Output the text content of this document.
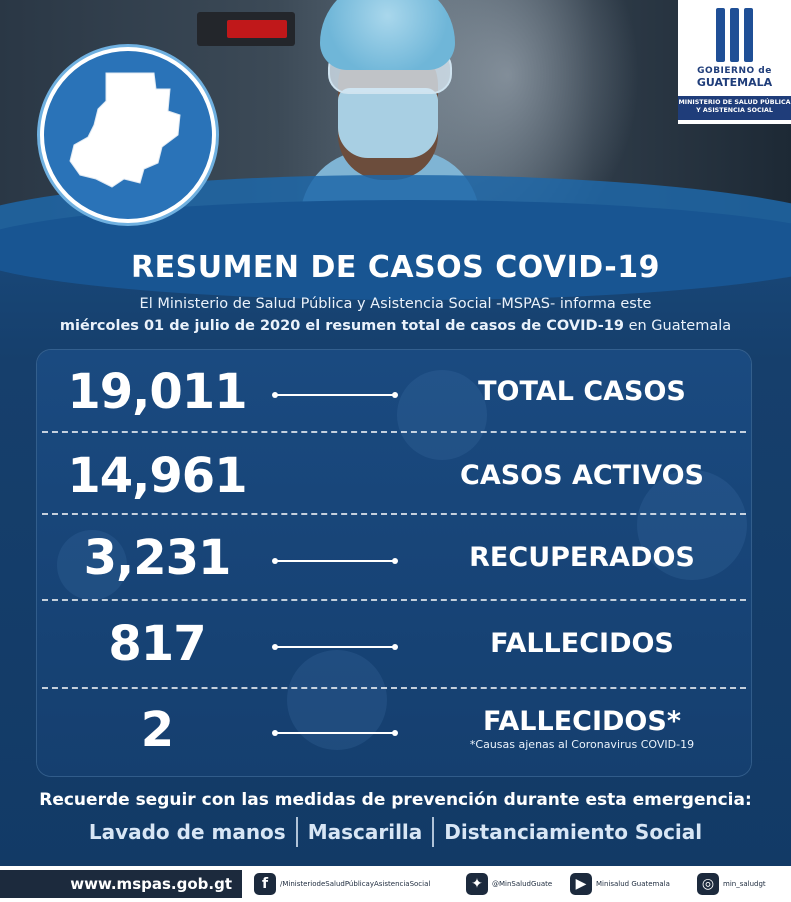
GOBIERNO de
GUATEMALA
MINISTERIO DE SALUD PÚBLICA Y ASISTENCIA SOCIAL
RESUMEN DE CASOS COVID-19
El Ministerio de Salud Pública y Asistencia Social -MSPAS- informa este
miércoles 01 de julio de 2020 el resumen total de casos de COVID-19 en Guatemala
19,011	TOTAL CASOS
14,961	CASOS ACTIVOS
3,231	RECUPERADOS
817	FALLECIDOS
2	FALLECIDOS*
*Causas ajenas al Coronavirus COVID-19
Recuerde seguir con las medidas de prevención durante esta emergencia:
Lavado de manos	Mascarilla	Distanciamiento Social
www.mspas.gob.gt	f	/MinisteriodeSaludPúblicayAsistenciaSocial	✦	@MinSaludGuate	▶	Minisalud Guatemala	◎	min_saludgt
